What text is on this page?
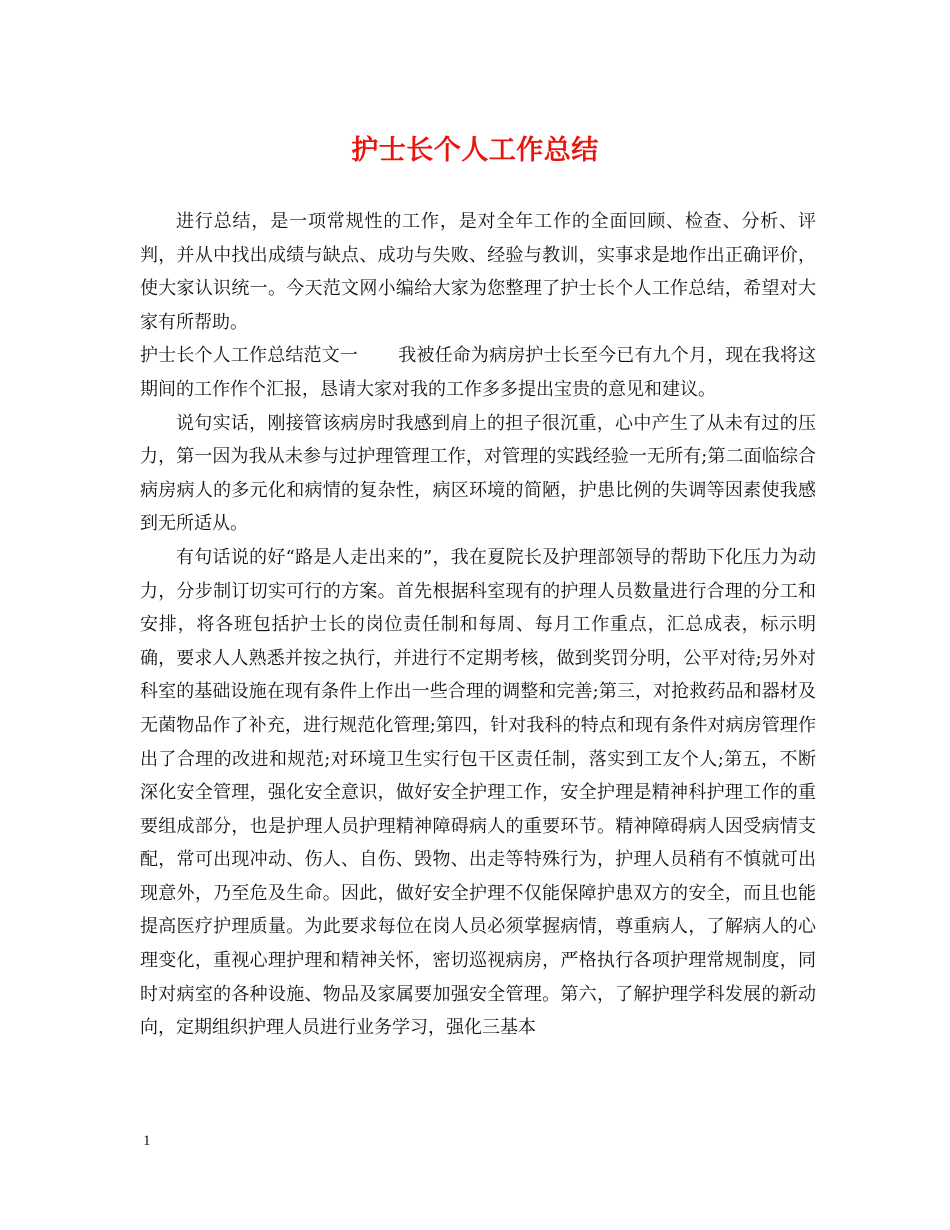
护士长个人工作总结

进行总结，是一项常规性的工作，是对全年工作的全面回顾、检查、分析、评判，并从中找出成绩与缺点、成功与失败、经验与教训，实事求是地作出正确评价，使大家认识统一。今天范文网小编给大家为您整理了护士长个人工作总结，希望对大家有所帮助。

护士长个人工作总结范文一 我被任命为病房护士长至今已有九个月，现在我将这期间的工作作个汇报，恳请大家对我的工作多多提出宝贵的意见和建议。

说句实话，刚接管该病房时我感到肩上的担子很沉重，心中产生了从未有过的压力，第一因为我从未参与过护理管理工作，对管理的实践经验一无所有;第二面临综合病房病人的多元化和病情的复杂性，病区环境的简陋，护患比例的失调等因素使我感到无所适从。

有句话说的好“路是人走出来的”，我在夏院长及护理部领导的帮助下化压力为动力，分步制订切实可行的方案。首先根据科室现有的护理人员数量进行合理的分工和安排，将各班包括护士长的岗位责任制和每周、每月工作重点，汇总成表，标示明确，要求人人熟悉并按之执行，并进行不定期考核，做到奖罚分明，公平对待;另外对科室的基础设施在现有条件上作出一些合理的调整和完善;第三，对抢救药品和器材及无菌物品作了补充，进行规范化管理;第四，针对我科的特点和现有条件对病房管理作出了合理的改进和规范;对环境卫生实行包干区责任制，落实到工友个人;第五，不断深化安全管理，强化安全意识，做好安全护理工作，安全护理是精神科护理工作的重要组成部分，也是护理人员护理精神障碍病人的重要环节。精神障碍病人因受病情支配，常可出现冲动、伤人、自伤、毁物、出走等特殊行为，护理人员稍有不慎就可出现意外，乃至危及生命。因此，做好安全护理不仅能保障护患双方的安全，而且也能提高医疗护理质量。为此要求每位在岗人员必须掌握病情，尊重病人，了解病人的心理变化，重视心理护理和精神关怀，密切巡视病房，严格执行各项护理常规制度，同时对病室的各种设施、物品及家属要加强安全管理。第六，了解护理学科发展的新动向，定期组织护理人员进行业务学习，强化三基本

1
